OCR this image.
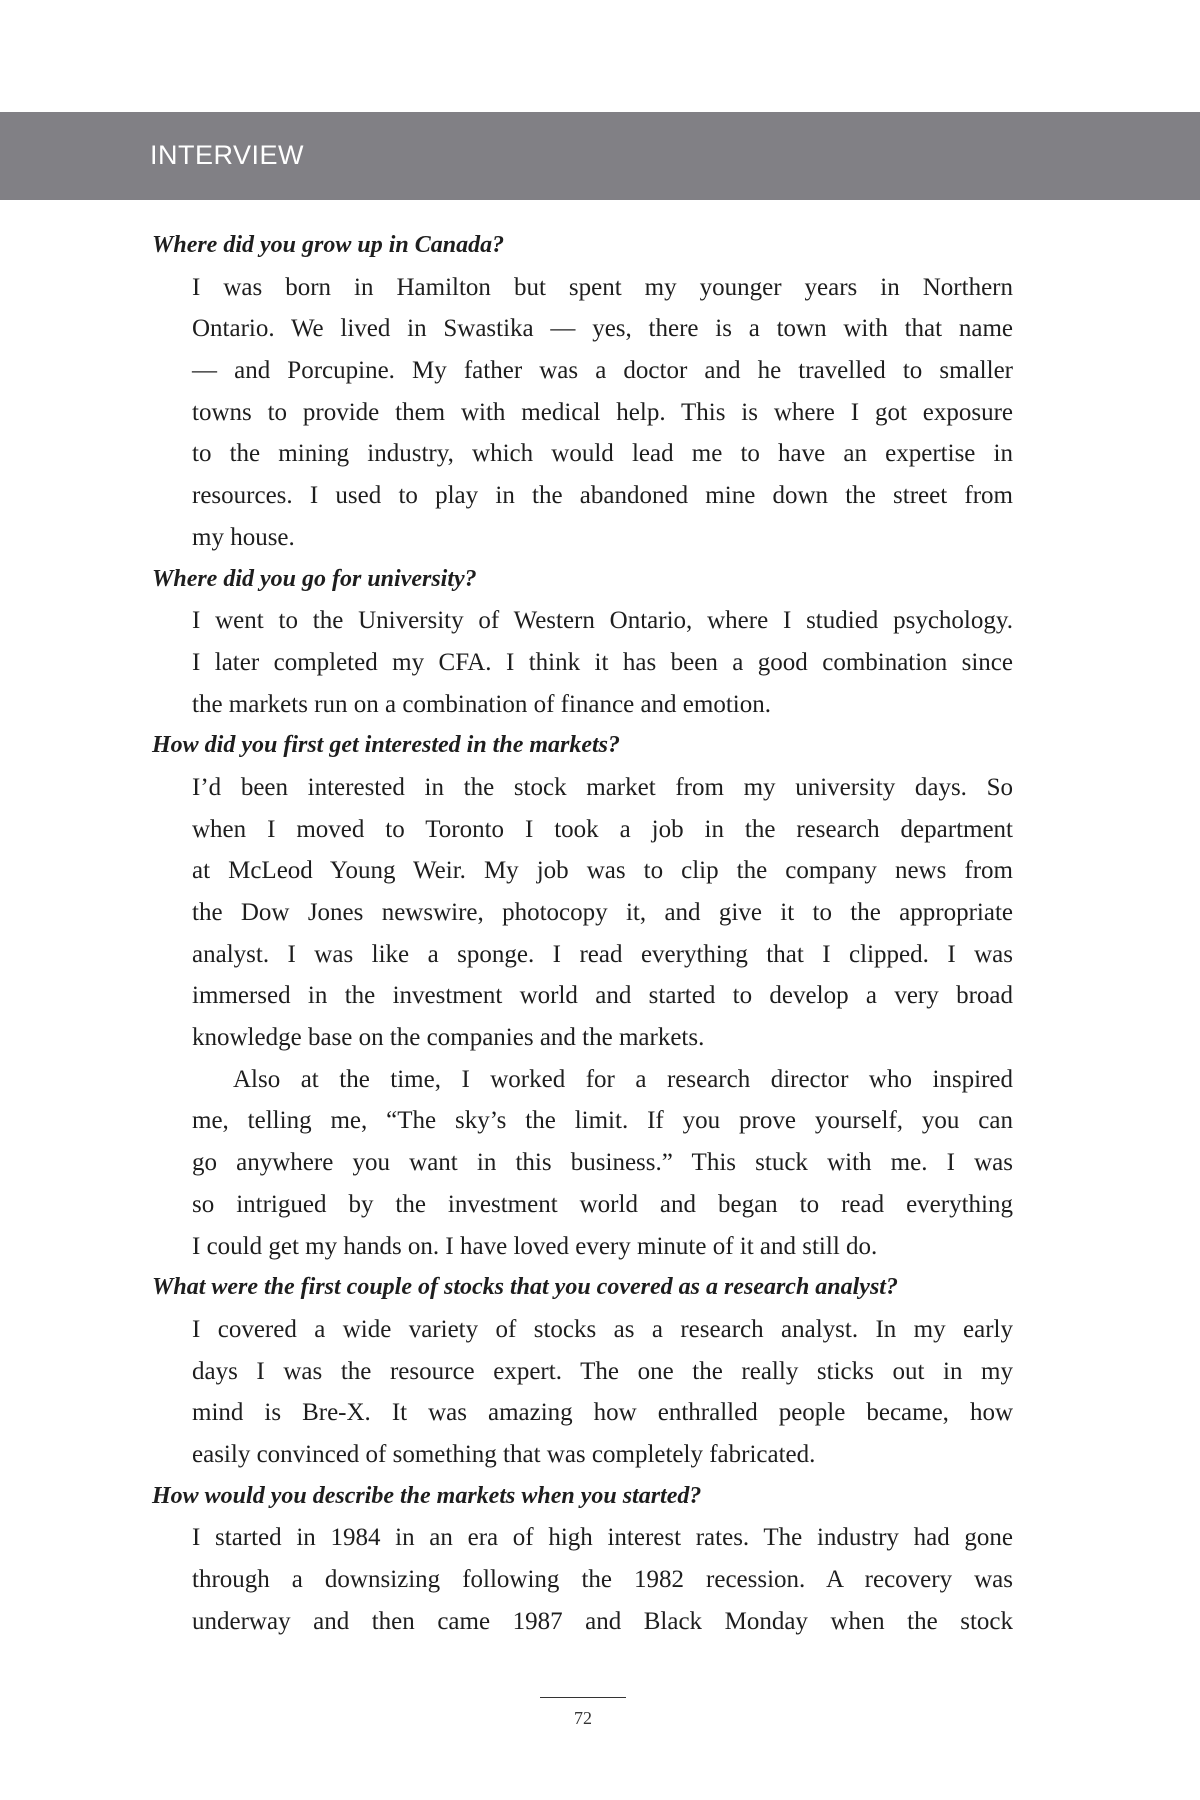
INTERVIEW
Where did you grow up in Canada?
I was born in Hamilton but spent my younger years in Northern
Ontario. We lived in Swastika — yes, there is a town with that name
— and Porcupine. My father was a doctor and he travelled to smaller
towns to provide them with medical help. This is where I got exposure
to the mining industry, which would lead me to have an expertise in
resources. I used to play in the abandoned mine down the street from
my house.
Where did you go for university?
I went to the University of Western Ontario, where I studied psychology.
I later completed my CFA. I think it has been a good combination since
the markets run on a combination of finance and emotion.
How did you first get interested in the markets?
I’d been interested in the stock market from my university days. So
when I moved to Toronto I took a job in the research department
at McLeod Young Weir. My job was to clip the company news from
the Dow Jones newswire, photocopy it, and give it to the appropriate
analyst. I was like a sponge. I read everything that I clipped. I was
immersed in the investment world and started to develop a very broad
knowledge base on the companies and the markets.
Also at the time, I worked for a research director who inspired
me, telling me, “The sky’s the limit. If you prove yourself, you can
go anywhere you want in this business.” This stuck with me. I was
so intrigued by the investment world and began to read everything
I could get my hands on. I have loved every minute of it and still do.
What were the first couple of stocks that you covered as a research analyst?
I covered a wide variety of stocks as a research analyst. In my early
days I was the resource expert. The one the really sticks out in my
mind is Bre-X. It was amazing how enthralled people became, how
easily convinced of something that was completely fabricated.
How would you describe the markets when you started?
I started in 1984 in an era of high interest rates. The industry had gone
through a downsizing following the 1982 recession. A recovery was
underway and then came 1987 and Black Monday when the stock
72
